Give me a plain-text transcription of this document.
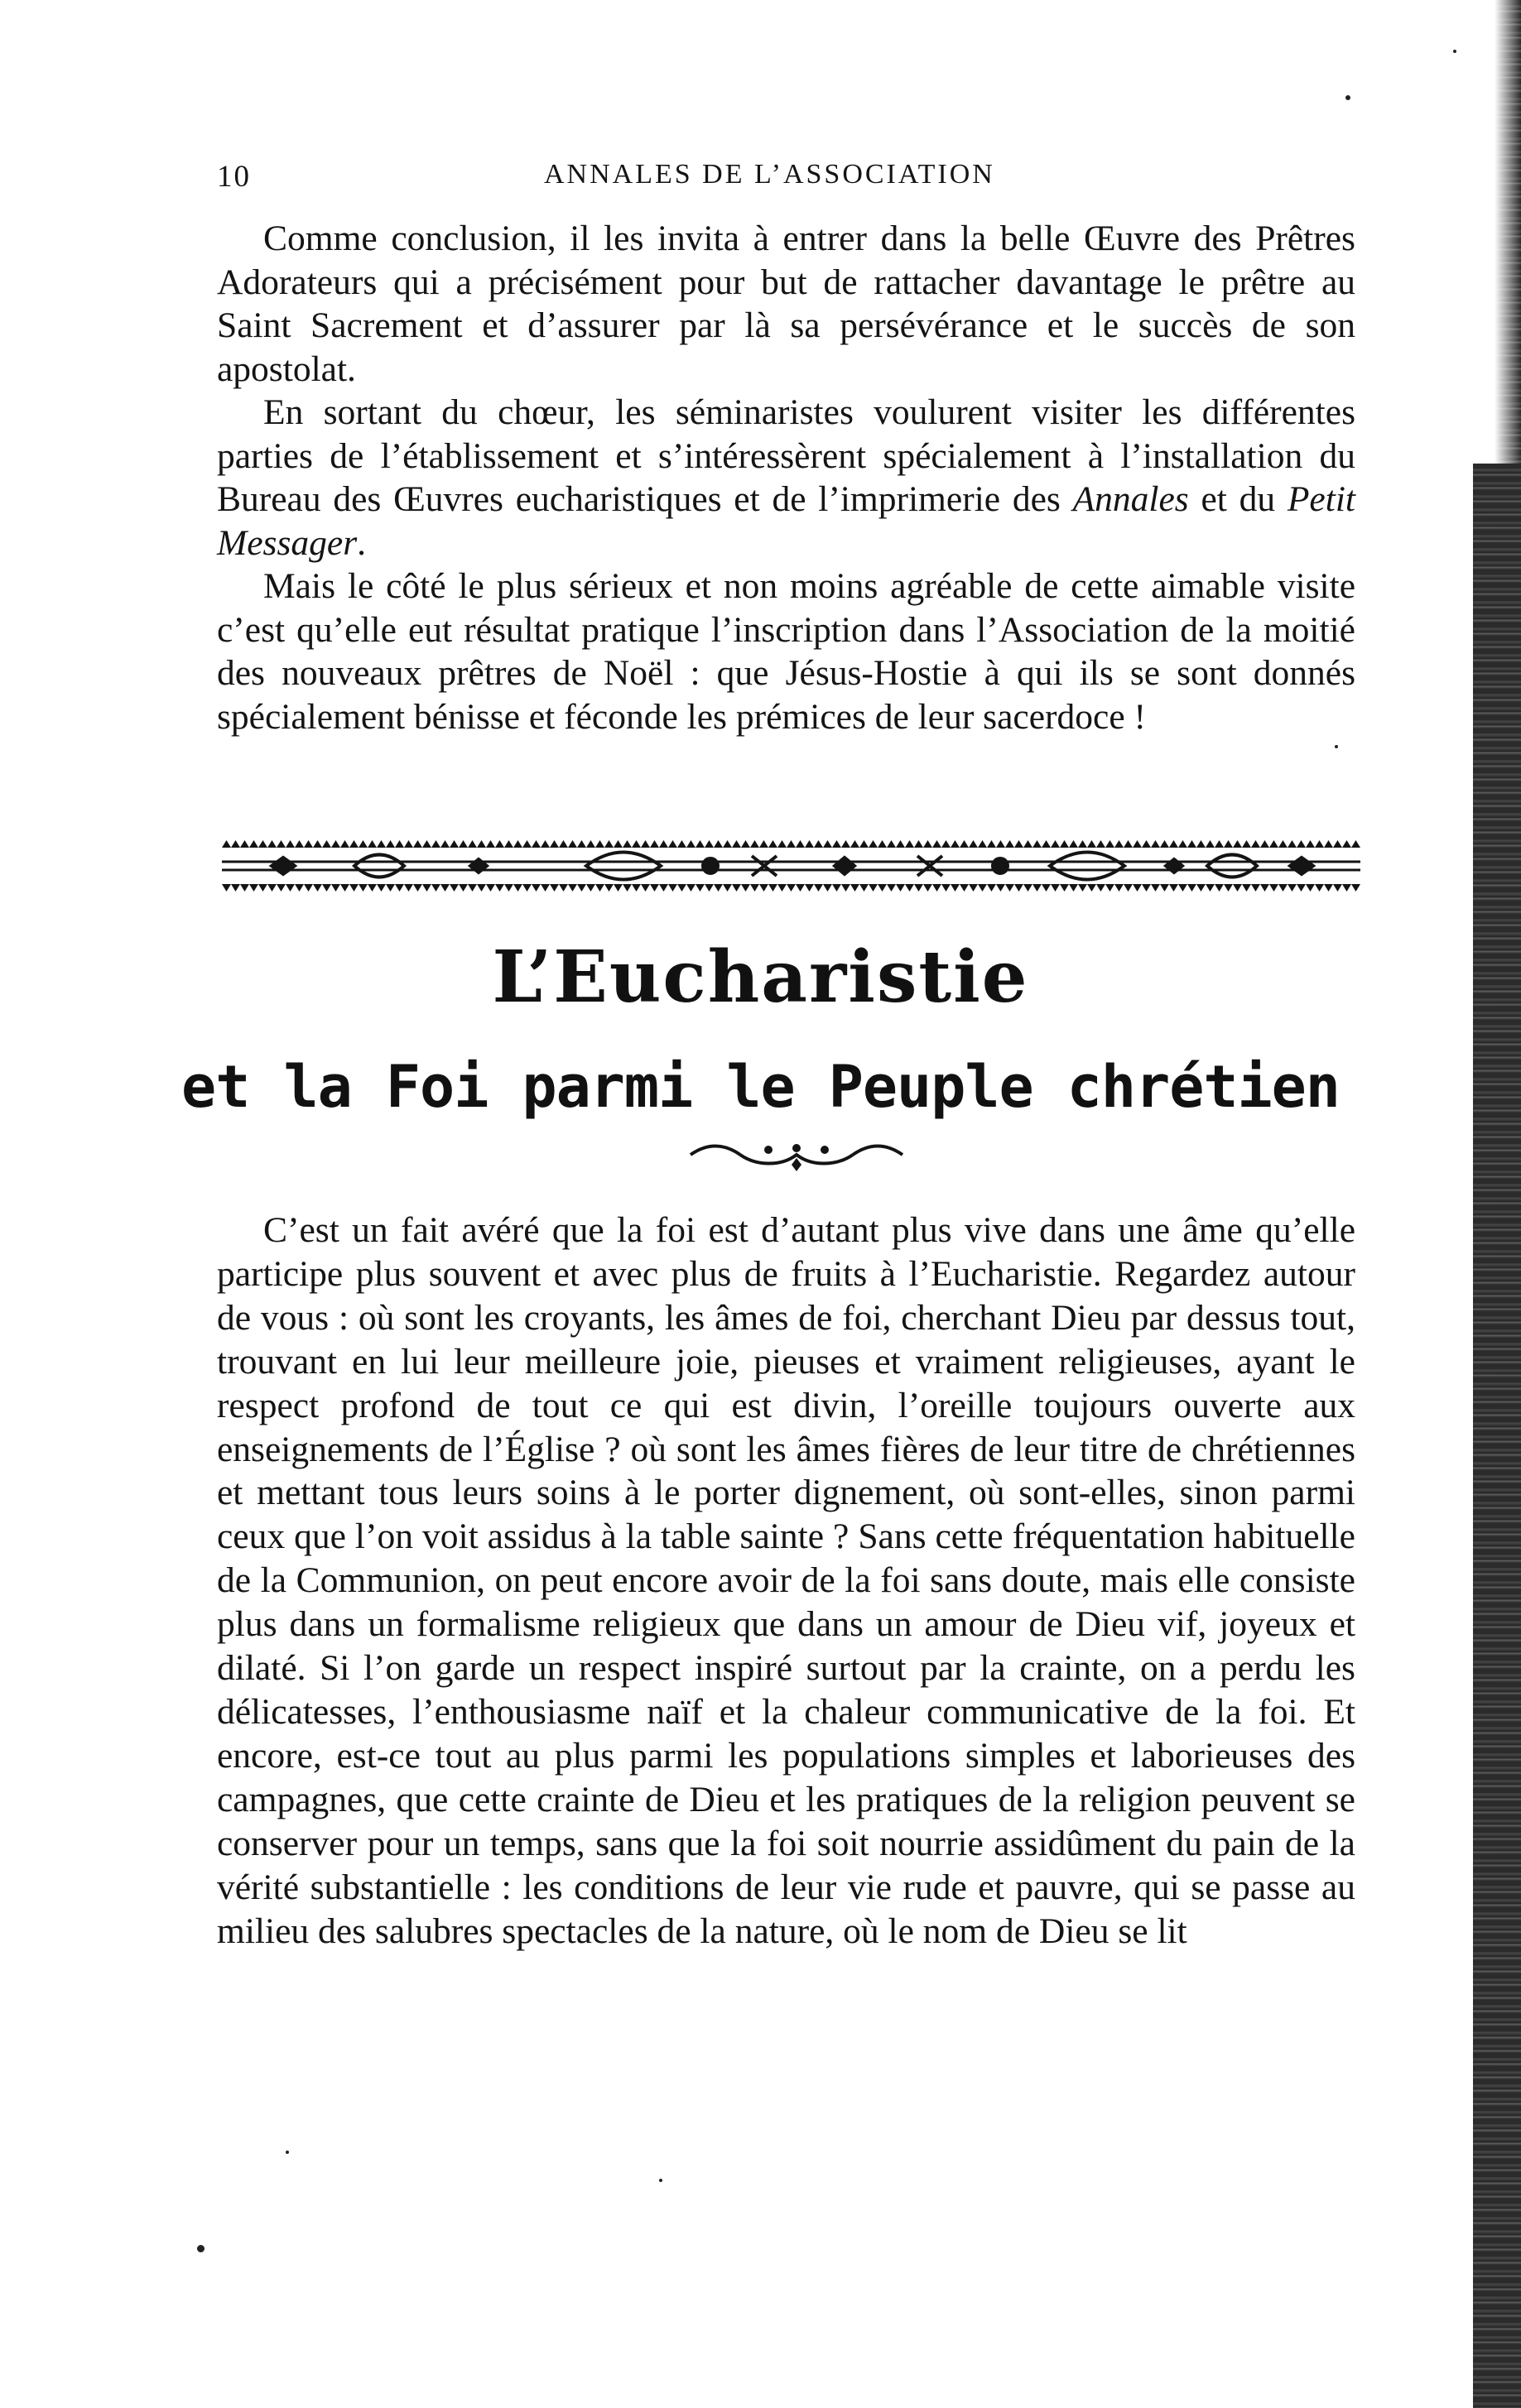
10	ANNALES DE L’ASSOCIATION

Comme conclusion, il les invita à entrer dans la belle Œuvre des Prêtres Adorateurs qui a précisément pour but de rattacher davantage le prêtre au Saint Sacrement et d’assurer par là sa persévérance et le succès de son apostolat.

En sortant du chœur, les séminaristes voulurent visiter les différentes parties de l’établissement et s’intéressèrent spécialement à l’installation du Bureau des Œuvres eucharistiques et de l’imprimerie des Annales et du Petit Messager.

Mais le côté le plus sérieux et non moins agréable de cette aimable visite c’est qu’elle eut résultat pratique l’inscription dans l’Association de la moitié des nouveaux prêtres de Noël : que Jésus-Hostie à qui ils se sont donnés spécialement bénisse et féconde les prémices de leur sacerdoce !

L’Eucharistie
et la Foi parmi le Peuple chrétien

C’est un fait avéré que la foi est d’autant plus vive dans une âme qu’elle participe plus souvent et avec plus de fruits à l’Eucharistie. Regardez autour de vous : où sont les croyants, les âmes de foi, cherchant Dieu par dessus tout, trouvant en lui leur meilleure joie, pieuses et vraiment religieuses, ayant le respect profond de tout ce qui est divin, l’oreille toujours ouverte aux enseignements de l’Église ? où sont les âmes fières de leur titre de chrétiennes et mettant tous leurs soins à le porter dignement, où sont-elles, sinon parmi ceux que l’on voit assidus à la table sainte ? Sans cette fréquentation habituelle de la Communion, on peut encore avoir de la foi sans doute, mais elle consiste plus dans un formalisme religieux que dans un amour de Dieu vif, joyeux et dilaté. Si l’on garde un respect inspiré surtout par la crainte, on a perdu les délicatesses, l’enthousiasme naïf et la chaleur communicative de la foi. Et encore, est-ce tout au plus parmi les populations simples et laborieuses des campagnes, que cette crainte de Dieu et les pratiques de la religion peuvent se conserver pour un temps, sans que la foi soit nourrie assidûment du pain de la vérité substantielle : les conditions de leur vie rude et pauvre, qui se passe au milieu des salubres spectacles de la nature, où le nom de Dieu se lit
